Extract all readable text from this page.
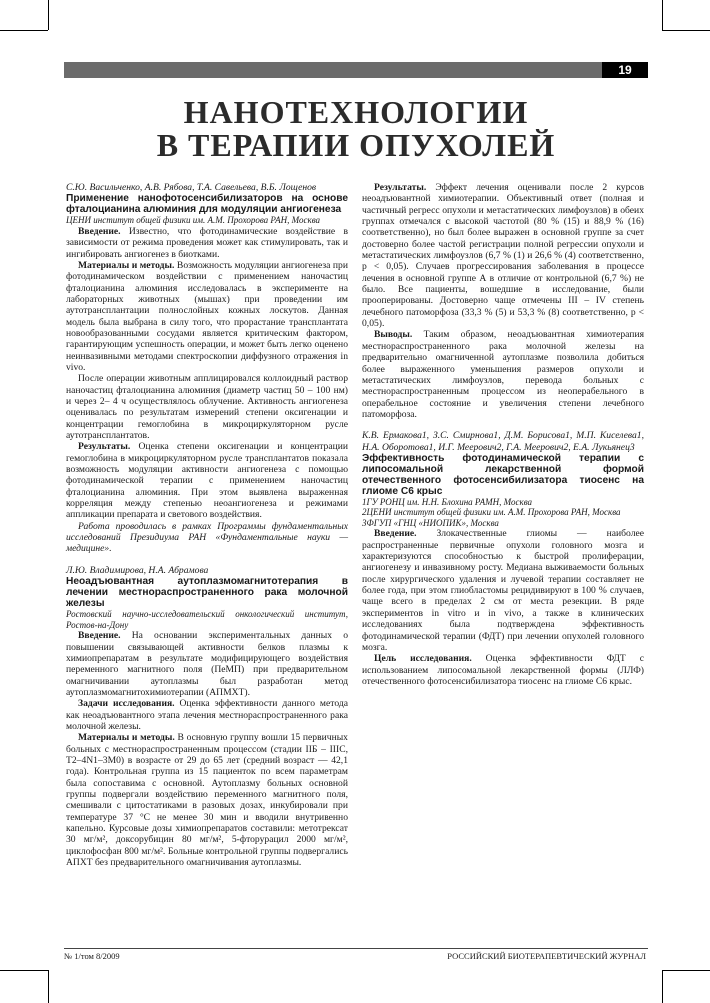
19
НАНОТЕХНОЛОГИИ
В ТЕРАПИИ ОПУХОЛЕЙ

С.Ю. Васильченко, А.В. Рябова, Т.А. Савельева, В.Б. Лощенов

Применение нанофотосенсибилизаторов на основе фталоцианина алюминия для модуляции ангиогенеза

ЦЕНИ институт общей физики им. А.М. Прохорова РАН, Москва

Введение. Известно, что фотодинамические воздействие в зависимости от режима проведения может как стимулировать, так и ингибировать ангиогенез в биотками.

Материалы и методы. Возможность модуляции ангиогенеза при фотодинамическом воздействии с применением наночастиц фталоцианина алюминия исследовалась в эксперименте на лабораторных животных (мышах) при проведении им аутотрансплантации полнослойных кожных лоскутов. Данная модель была выбрана в силу того, что прорастание трансплантата новообразованными сосудами является критическим фактором, гарантирующим успешность операции, и может быть легко оценено неинвазивными методами спектроскопии диффузного отражения in vivo.

После операции животным апплицировался коллоидный раствор наночастиц фталоцианина алюминия (диаметр частиц 50 – 100 нм) и через 2– 4 ч осуществлялось облучение. Активность ангиогенеза оценивалась по результатам измерений степени оксигенации и концентрации гемоглобина в микроциркуляторном русле аутотрансплантатов.

Результаты. Оценка степени оксигенации и концентрации гемоглобина в микроциркуляторном русле трансплантатов показала возможность модуляции активности ангиогенеза с помощью фотодинамической терапии с применением наночастиц фталоцианина алюминия. При этом выявлена выраженная корреляция между степенью неоангиогенеза и режимами аппликации препарата и светового воздействия.

Работа проводилась в рамках Программы фундаментальных исследований Президиума РАН «Фундаментальные науки — медицине».

Л.Ю. Владимирова, Н.А. Абрамова

Неоадъювантная аутоплазмомагнитотерапия в лечении местнораспространенного рака молочной железы

Ростовский научно-исследовательский онкологический институт, Ростов-на-Дону

Введение. На основании экспериментальных данных о повышении связывающей активности белков плазмы к химиопрепаратам в результате модифицирующего воздействия переменного магнитного поля (ПеМП) при предварительном омагничивании аутоплазмы был разработан метод аутоплазмомагнитохимиотерапии (АПМХТ).

Задачи исследования. Оценка эффективности данного метода как неоадъювантного этапа лечения местнораспространенного рака молочной железы.

Материалы и методы. В основную группу вошли 15 первичных больных с местнораспространенным процессом (стадии IIБ – IIIС, T2–4N1–3M0) в возрасте от 29 до 65 лет (средний возраст — 42,1 года). Контрольная группа из 15 пациенток по всем параметрам была сопоставима с основной. Аутоплазму больных основной группы подвергали воздействию переменного магнитного поля, смешивали с цитостатиками в разовых дозах, инкубировали при температуре 37 °С не менее 30 мин и вводили внутривенно капельно. Курсовые дозы химиопрепаратов составили: метотрексат 30 мг/м², доксорубицин 80 мг/м², 5-фторурацил 2000 мг/м², циклофосфан 800 мг/м². Больные контрольной группы подвергались АПХТ без предварительного омагничивания аутоплазмы.

Результаты. Эффект лечения оценивали после 2 курсов неоадъювантной химиотерапии. Объективный ответ (полная и частичный регресс опухоли и метастатических лимфоузлов) в обеих группах отмечался с высокой частотой (80 % (15) и 88,9 % (16) соответственно), но был более выражен в основной группе за счет достоверно более частой регистрации полной регрессии опухоли и метастатических лимфоузлов (6,7 % (1) и 26,6 % (4) соответственно, р < 0,05). Случаев прогрессирования заболевания в процессе лечения в основной группе А в отличие от контрольной (6,7 %) не было. Все пациенты, вошедшие в исследование, были прооперированы. Достоверно чаще отмечены III – IV степень лечебного патоморфоза (33,3 % (5) и 53,3 % (8) соответственно, р < 0,05).

Выводы. Таким образом, неоадъювантная химиотерапия местнораспространенного рака молочной железы на предварительно омагниченной аутоплазме позволила добиться более выраженного уменьшения размеров опухоли и метастатических лимфоузлов, перевода больных с местнораспространенным процессом из неоперабельного в операбельное состояние и увеличения степени лечебного патоморфоза.

К.В. Ермакова1, З.С. Смирнова1, Д.М. Борисова1, М.П. Киселева1, Н.А. Оборотова1, И.Г. Меерович2, Г.А. Меерович2, Е.А. Лукьянец3

Эффективность фотодинамической терапии с липосомальной лекарственной формой отечественного фотосенсибилизатора тиосенс на глиоме С6 крыс

1ГУ РОНЦ им. Н.Н. Блохина РАМН, Москва

2ЦЕНИ институт общей физики им. А.М. Прохорова РАН, Москва

3ФГУП «ГНЦ «НИОПИК», Москва

Введение. Злокачественные глиомы — наиболее распространенные первичные опухоли головного мозга и характеризуются способностью к быстрой пролиферации, ангиогенезу и инвазивному росту. Медиана выживаемости больных после хирургического удаления и лучевой терапии составляет не более года, при этом глиобластомы рецидивируют в 100 % случаев, чаще всего в пределах 2 см от места резекции. В ряде экспериментов in vitro и in vivo, а также в клинических исследованиях была подтверждена эффективность фотодинамической терапии (ФДТ) при лечении опухолей головного мозга.

Цель исследования. Оценка эффективности ФДТ с использованием липосомальной лекарственной формы (ЛЛФ) отечественного фотосенсибилизатора тиосенс на глиоме С6 крыс.

№ 1/том 8/2009	РОССИЙСКИЙ БИОТЕРАПЕВТИЧЕСКИЙ ЖУРНАЛ
